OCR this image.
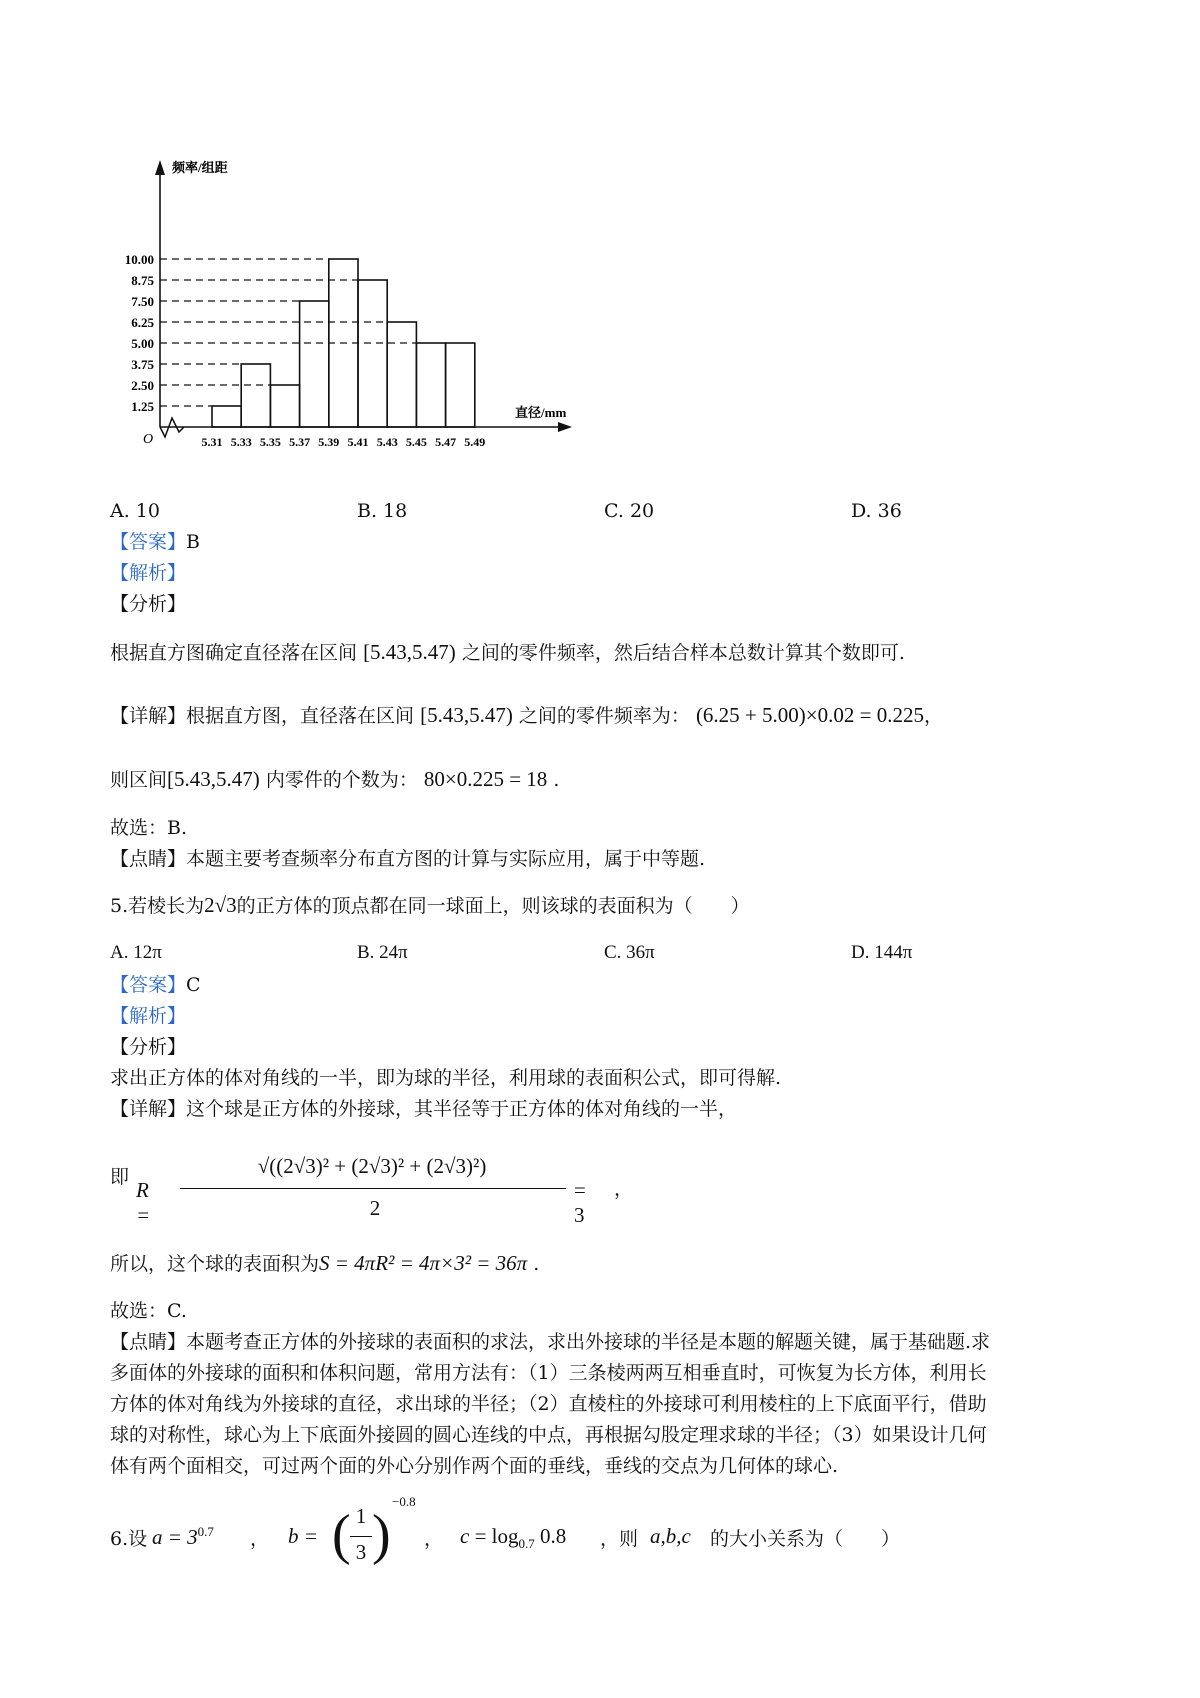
频率/组距
直径/mm
O
10.00
8.75
7.50
6.25
5.00
3.75
2.50
1.25
5.31 5.33 5.35 5.37 5.39 5.41 5.43 5.45 5.47 5.49
A. 10	B. 18	C. 20	D. 36
【答案】B
【解析】
【分析】
根据直方图确定直径落在区间 [5.43,5.47) 之间的零件频率，然后结合样本总数计算其个数即可.
【详解】根据直方图，直径落在区间 [5.43,5.47) 之间的零件频率为： (6.25 + 5.00)×0.02 = 0.225，
则区间[5.43,5.47) 内零件的个数为： 80×0.225 = 18 .
故选：B.
【点睛】本题主要考查频率分布直方图的计算与实际应用，属于中等题.
5.若棱长为2√3的正方体的顶点都在同一球面上，则该球的表面积为（　　）
A. 12π	B. 24π	C. 36π	D. 144π
【答案】C
【解析】
【分析】
求出正方体的体对角线的一半，即为球的半径，利用球的表面积公式，即可得解.
【详解】这个球是正方体的外接球，其半径等于正方体的体对角线的一半，
即
R =
√((2√3)² + (2√3)² + (2√3)²)
2
= 3
，
所以，这个球的表面积为S = 4πR² = 4π×3² = 36π .
故选：C.
【点睛】本题考查正方体的外接球的表面积的求法，求出外接球的半径是本题的解题关键，属于基础题.求
多面体的外接球的面积和体积问题，常用方法有：（1）三条棱两两互相垂直时，可恢复为长方体，利用长
方体的体对角线为外接球的直径，求出球的半径；（2）直棱柱的外接球可利用棱柱的上下底面平行，借助
球的对称性，球心为上下底面外接圆的圆心连线的中点，再根据勾股定理求球的半径；（3）如果设计几何
体有两个面相交，可过两个面的外心分别作两个面的垂线，垂线的交点为几何体的球心.
6.设 $a = 3^{0.7}$ ， b = ( 1
3 )
−0.8
， $c = \log_{0.7} 0.8$ ，则 a,b,c 的大小关系为（　　）
